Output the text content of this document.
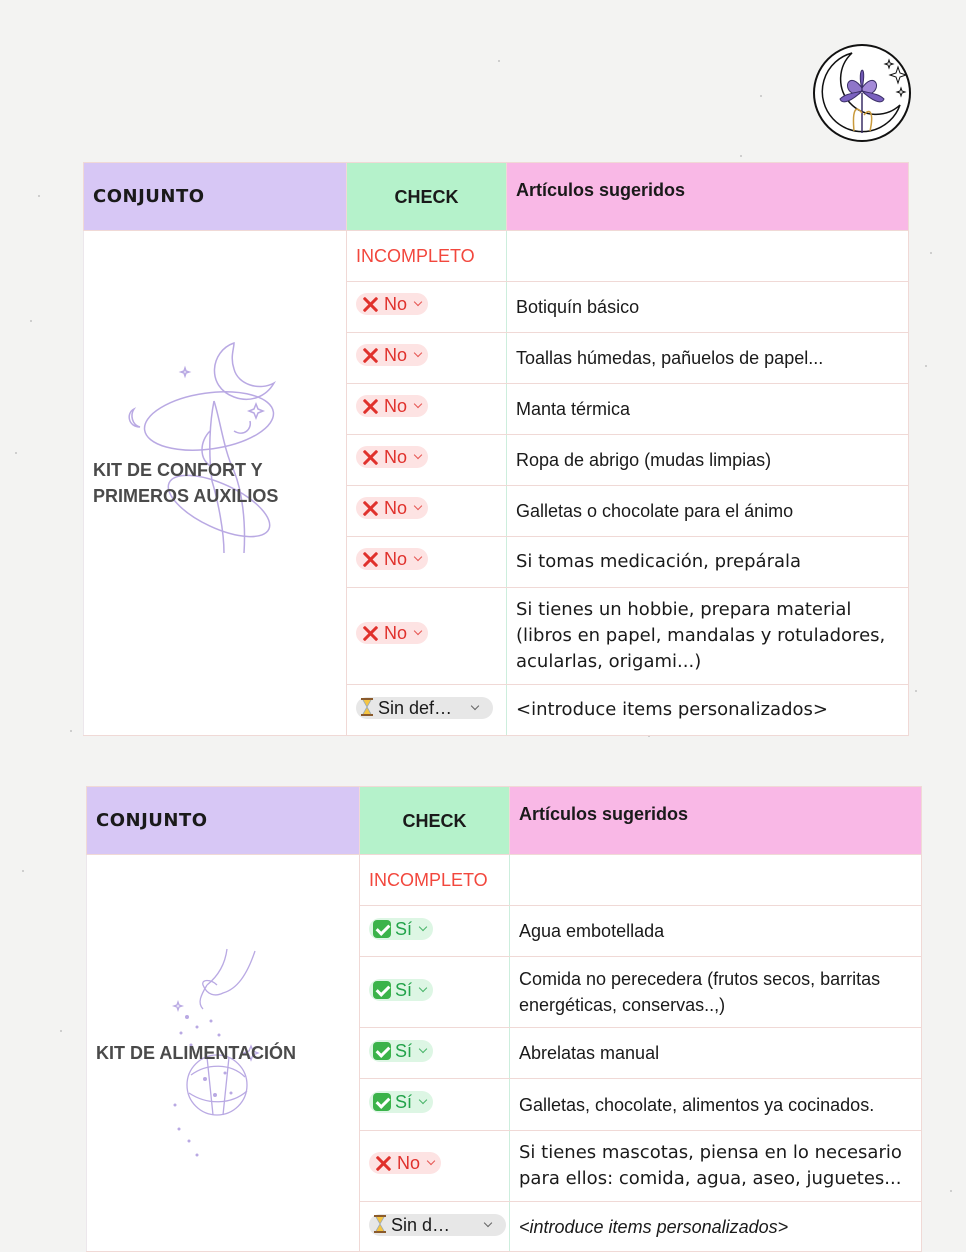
CONJUNTO	CHECK	Artículos sugeridos

KIT DE CONFORT Y PRIMEROS AUXILIOS	INCOMPLETO	

	No	Botiquín básico

	No	Toallas húmedas, pañuelos de papel...

	No	Manta térmica

	No	Ropa de abrigo (mudas limpias)

	No	Galletas o chocolate para el ánimo

	No	Si tomas medicación, prepárala

	No	Si tienes un hobbie, prepara material (libros en papel, mandalas y rotuladores, acularlas, origami...)

	Sin def…	<introduce items personalizados>
CONJUNTO	CHECK	Artículos sugeridos

KIT DE ALIMENTACIÓN	INCOMPLETO	

	Sí	Agua embotellada

	Sí	Comida no perecedera (frutos secos, barritas energéticas, conservas..,)

	Sí	Abrelatas manual

	Sí	Galletas, chocolate, alimentos ya cocinados.

	No	Si tienes mascotas, piensa en lo necesario para ellos: comida, agua, aseo, juguetes...

	Sin d…	<introduce items personalizados>
